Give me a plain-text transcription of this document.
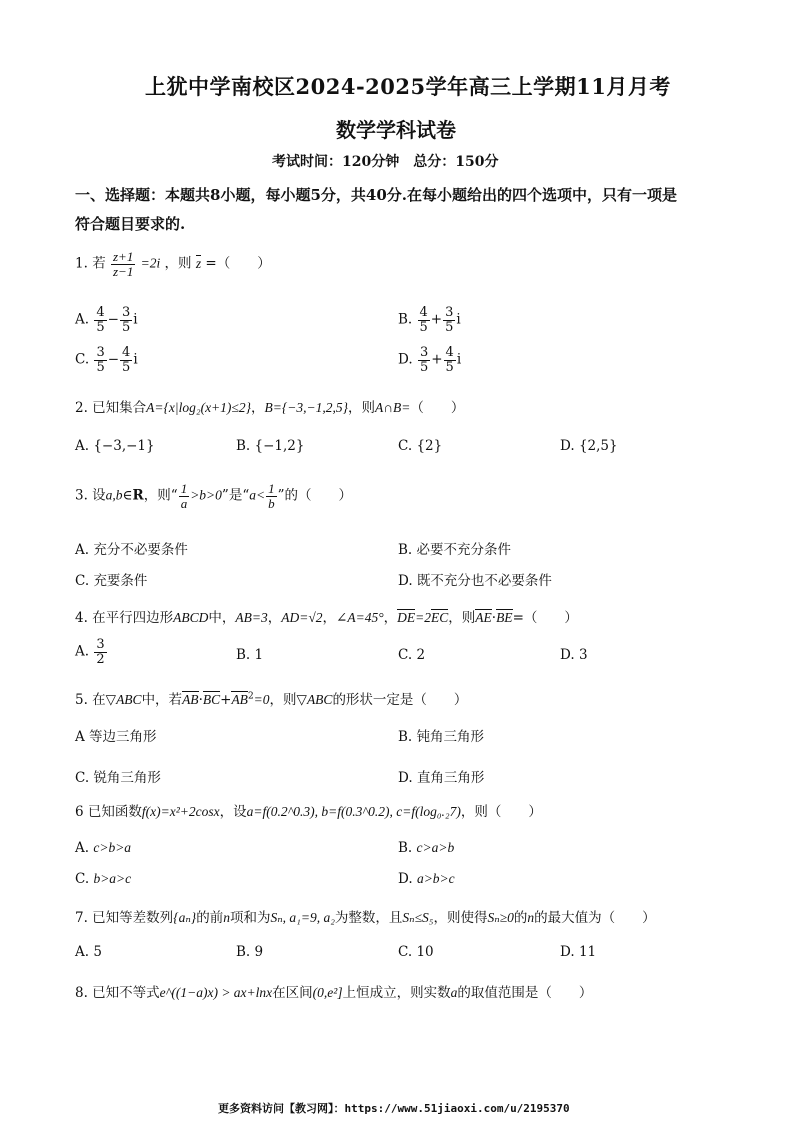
上犹中学南校区2024-2025学年高三上学期11月月考
数学学科试卷
考试时间：120分钟　总分：150分
一、选择题：本题共8小题，每小题5分，共40分.在每小题给出的四个选项中，只有一项是
符合题目要求的.
1. 若 $\frac{z+1}{z-1} =2i$ ，则 z =（　　）
A. $\frac{4}{5} - \frac{3}{5}$ i	B. $\frac{4}{5} + \frac{3}{5}$ i
C. $\frac{3}{5} - \frac{4}{5}$ i	D. $\frac{3}{5} + \frac{4}{5}$ i
2. 已知集合A={x|log₂(x+1)≤2}，B={−3,−1,2,5}，则A∩B=（　　）
A. {−3,−1}	B. {−1,2}	C. {2}	D. {2,5}
3. 设a,b∈R，则“ $\frac{1}{a} >b>0$”是“$a< \frac{1}{b}$ ”的（　　）
A. 充分不必要条件	B. 必要不充分条件
C. 充要条件	D. 既不充分也不必要条件
4. 在平行四边形ABCD中，AB=3，AD=√2，∠A=45°，DE=2EC，则AE·BE=（　　）
A. $\frac{3}{2}$	B. 1	C. 2	D. 3
5. 在▽ABC中，若$AB\cdot BC+AB^2=0$，则▽ABC的形状一定是（　　）
A 等边三角形	B. 钝角三角形
C. 锐角三角形	D. 直角三角形
6 已知函数f(x)=x²+2cosx，设a=f(0.2^0.3), b=f(0.3^0.2), c=f(log₀.₂7)，则（　　）
A. c>b>a	B. c>a>b
C. b>a>c	D. a>b>c
7. 已知等差数列{aₙ}的前n项和为Sₙ, a₁=9, a₂为整数，且Sₙ≤S₅，则使得Sₙ≥0的n的最大值为（　　）
A. 5	B. 9	C. 10	D. 11
8. 已知不等式e^((1−a)x) > ax+lnx在区间(0,e²]上恒成立，则实数a的取值范围是（　　）
更多资料访问【教习网】：https://www.51jiaoxi.com/u/2195370
